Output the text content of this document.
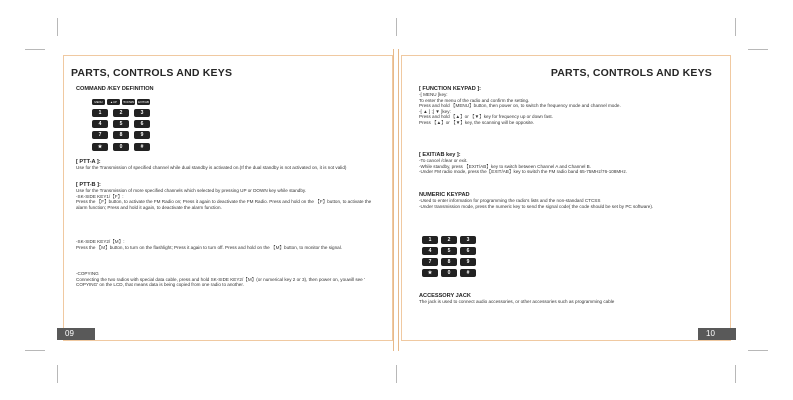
PARTS, CONTROLS AND KEYS

COMMAND /KEY DEFINITION

MENU	▲UP	▼DOWN	EXIT/AB
1	2	3
4	5	6
7	8	9
★	0	#

[ PTT-A ]:

Use for the Transmission of specified channel while dual standby is activated on.(If the dual standby is not activated on, it is not valid)

[ PTT-B ]:

Use for the Transmission of more specified channels which selected by pressing UP or DOWN key while standby.

-SK-SIDE KEY1/【F】:

Press the 【F】button, to activate the FM Radio on; Press it again to deactivate the FM Radio. Press and hold on the 【F】button, to activate the alarm function; Press and hold it again, to deactivate the alarm function.

-SK-SIDE KEY2/【M】:

Press the 【M】button, to turn on the flashlight; Press it again to turn off. Press and hold on the 【M】button, to monitor the signal.

-COPYING

Connecting the two radios with special data cable, press and hold SK-SIDE KEY2/【M】(or numerical key 2 or 3), then power on, youwill see ' COPYING' on the LCD, that means data is being copied from one radio to another.

09
PARTS, CONTROLS AND KEYS

[ FUNCTION KEYPAD ]:

-[ MENU ]key:

To enter the menu of the radio and confirm the setting.

Press and hold 【MENU】button, then power on, to switch the frequency mode and channel mode.

-[ ▲ ] ;[ ▼ ]key:

Press and hold 【▲】or 【▼】key for frequency up or down fast.

Press 【▲】or 【▼】key, the scanning will be opposite.

[ EXIT/AB key ]:

-To cancel /clear or exit.

-While standby, press 【EXIT/AB】key to switch between Channel A and Channel B.

-Under FM radio mode, press the【EXIT/AB】key to switch the FM radio band 65-75MHz/76-108MHz.

NUMERIC KEYPAD

-Used to enter information for programming the radio's lists and the non-standard CTCSS

-Under transmission mode, press the numeric key to send the signal code( the code should be set by PC software).

1	2	3
4	5	6
7	8	9
★	0	#

ACCESSORY JACK

The jack is used to connect audio accessories, or other accessories such as programming cable

10
